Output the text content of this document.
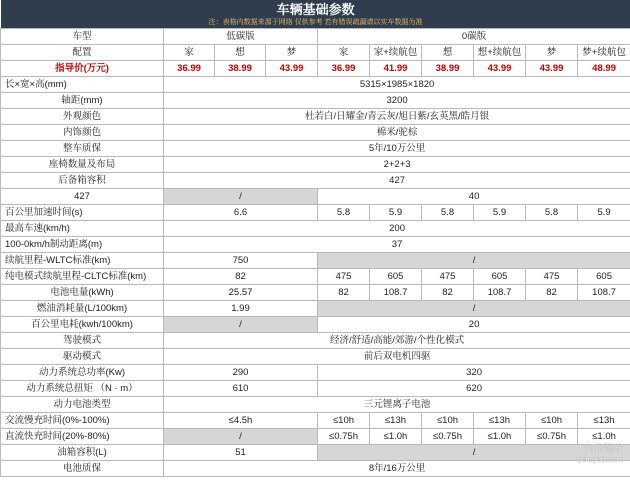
车辆基础参数
注：表格内数据来源于网络 仅供参考 若有错误疏漏请以实车数据为准									

车型	低碳版			0碳版					
配置	家	想	梦	家	家+续航包	想	想+续航包	梦	梦+续航包
指导价(万元)	36.99	38.99	43.99	36.99	41.99	38.99	43.99	43.99	48.99
长×宽×高(mm)	5315×1985×1820								
轴距(mm)	3200								
外观颜色	杜若白/日耀金/青云灰/旭日紫/玄英黑/皓月银								
内饰颜色	棉米/驼棕								
整车质保	5年/10万公里								
座椅数量及布局	2+2+3								
后备箱容积	427								
427	/			40					
百公里加速时间(s)	6.6			5.8	5.9	5.8	5.9	5.8	5.9
最高车速(km/h)	200								
100-0km/h制动距离(m)	37								
续航里程-WLTC标准(km)	750			/					
纯电模式续航里程-CLTC标准(km)	82			475	605	475	605	475	605
电池电量(kWh)	25.57			82	108.7	82	108.7	82	108.7
燃油消耗量(L/100km)	1.99			/					
百公里电耗(kwh/100km)	/			20					
驾驶模式	经济/舒适/高能/郊游/个性化模式								
驱动模式	前后双电机四驱								
动力系统总功率(Kw)	290			320					
动力系统总扭矩 （N · m）	610			620					
动力电池类型	三元锂离子电池								
交流慢充时间(0%-100%)	≤4.5h			≤10h	≤13h	≤10h	≤13h	≤10h	≤13h
直流快充时间(20%-80%)	/			≤0.75h	≤1.0h	≤0.75h	≤1.0h	≤0.75h	≤1.0h
油箱容积(L)	51			/					
电池质保	8年/16万公里								
汽车瀑布
qichepubu.com
